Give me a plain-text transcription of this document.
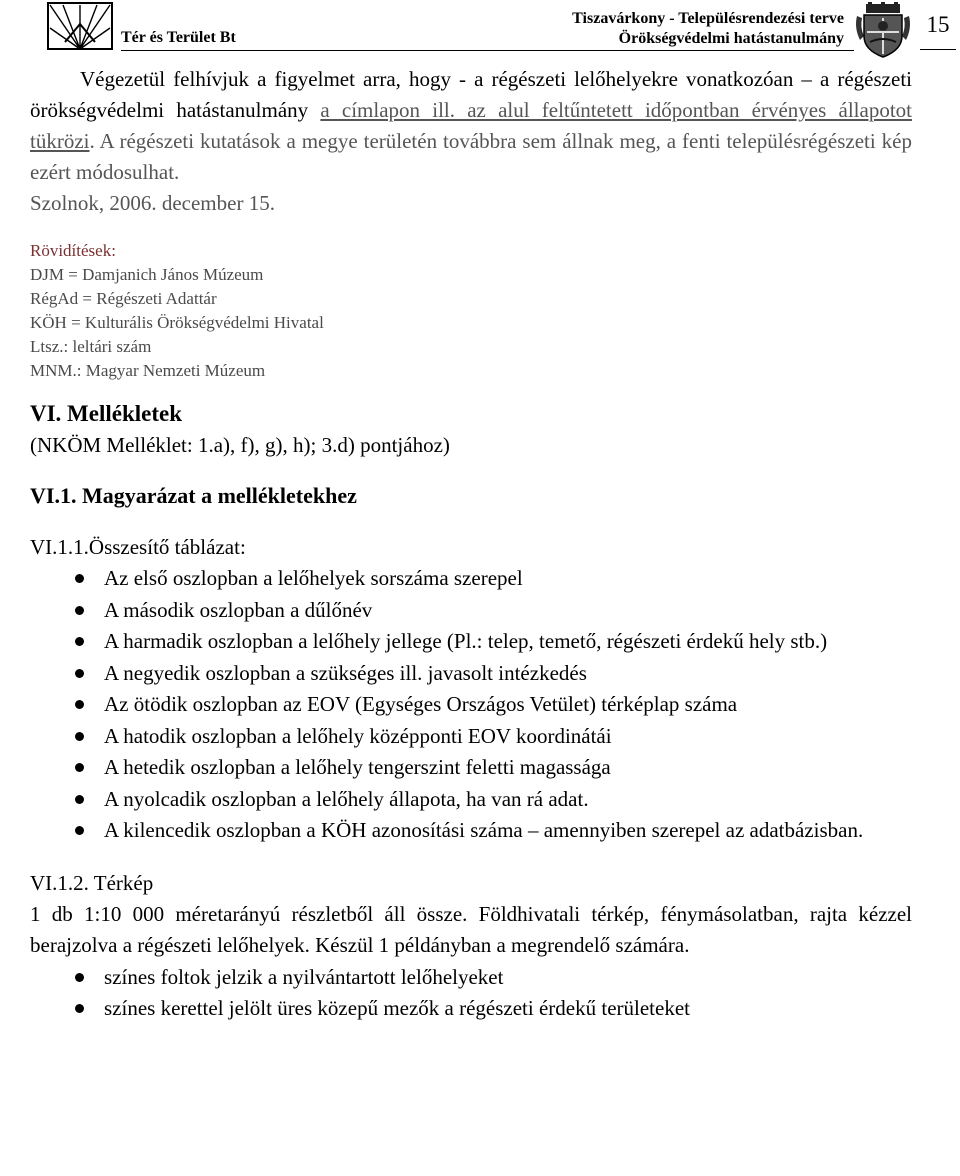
Tér és Terület Bt
Tiszavárkony - Településrendezési terve
Örökségvédelmi hatástanulmány
15

Végezetül felhívjuk a figyelmet arra, hogy - a régészeti lelőhelyekre vonatkozóan – a régészeti örökségvédelmi hatástanulmány a címlapon ill. az alul feltűntetett időpontban érvényes állapotot tükrözi. A régészeti kutatások a megye területén továbbra sem állnak meg, a fenti településrégészeti kép ezért módosulhat.

Szolnok, 2006. december 15.
Rövidítések:
DJM = Damjanich János Múzeum
RégAd = Régészeti Adattár
KÖH = Kulturális Örökségvédelmi Hivatal
Ltsz.: leltári szám
MNM.: Magyar Nemzeti Múzeum
VI. Mellékletek
(NKÖM Melléklet: 1.a), f), g), h); 3.d) pontjához)
VI.1. Magyarázat a mellékletekhez
VI.1.1.Összesítő táblázat:
Az első oszlopban a lelőhelyek sorszáma szerepel
A második oszlopban a dűlőnév
A harmadik oszlopban a lelőhely jellege (Pl.: telep, temető, régészeti érdekű hely stb.)
A negyedik oszlopban a szükséges ill. javasolt intézkedés
Az ötödik oszlopban az EOV (Egységes Országos Vetület) térképlap száma
A hatodik oszlopban a lelőhely középponti EOV koordinátái
A hetedik oszlopban a lelőhely tengerszint feletti magassága
A nyolcadik oszlopban a lelőhely állapota, ha van rá adat.
A kilencedik oszlopban a KÖH azonosítási száma – amennyiben szerepel az adatbázisban.
VI.1.2. Térkép
1 db 1:10 000 méretarányú részletből áll össze. Földhivatali térkép, fénymásolatban, rajta kézzel berajzolva a régészeti lelőhelyek. Készül 1 példányban a megrendelő számára.
színes foltok jelzik a nyilvántartott lelőhelyeket
színes kerettel jelölt üres közepű mezők a régészeti érdekű területeket
